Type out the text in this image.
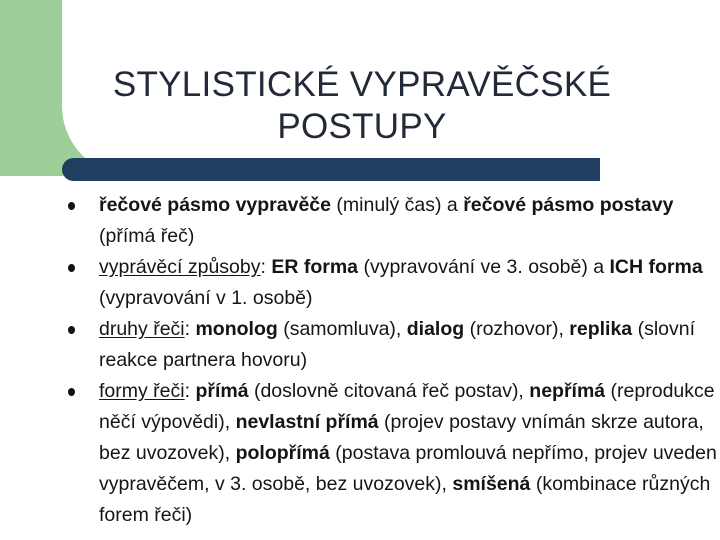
STYLISTICKÉ VYPRAVĚČSKÉ POSTUPY
řečové pásmo vypravěče (minulý čas) a řečové pásmo postavy (přímá řeč)
vyprávěcí způsoby: ER forma (vypravování ve 3. osobě) a ICH forma (vypravování v 1. osobě)
druhy řeči: monolog (samomluva), dialog (rozhovor), replika (slovní reakce partnera hovoru)
formy řeči: přímá (doslovně citovaná řeč postav), nepřímá (reprodukce něčí výpovědi), nevlastní přímá (projev postavy vnímán skrze autora, bez uvozovek), polopřímá (postava promlouvá nepřímo, projev uveden vypravěčem, v 3. osobě, bez uvozovek), smíšená (kombinace různých forem řeči)
